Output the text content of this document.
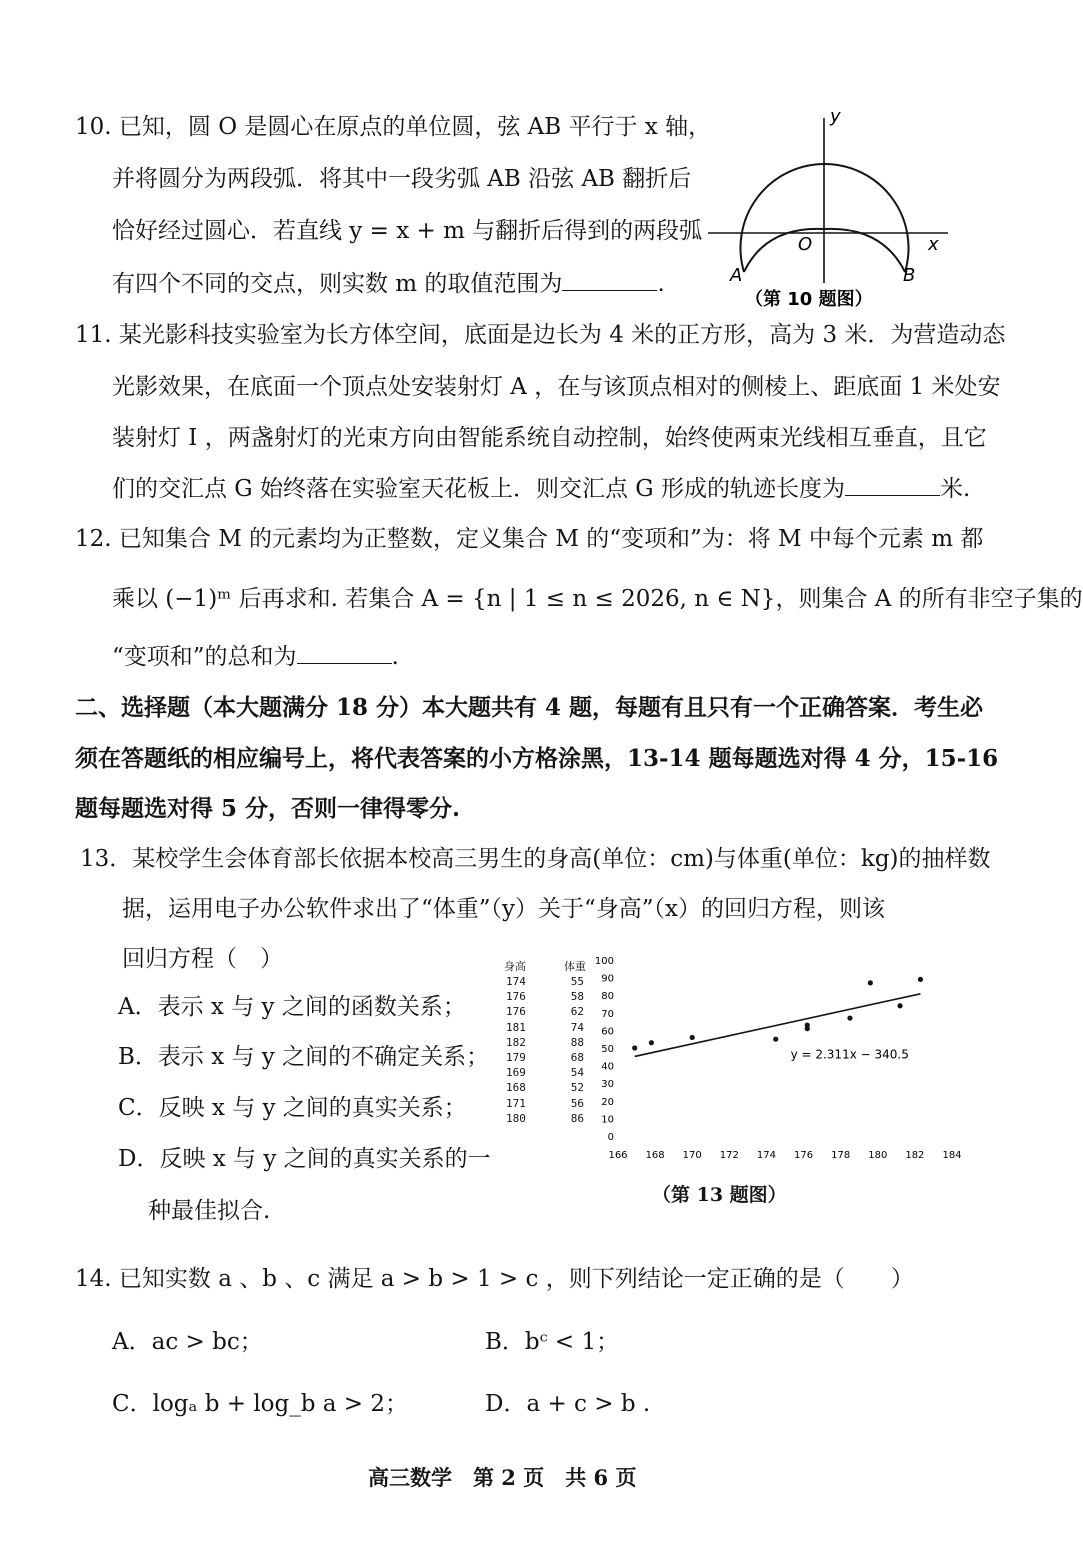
10. 已知，圆 O 是圆心在原点的单位圆，弦 AB 平行于 x 轴，
并将圆分为两段弧．将其中一段劣弧 AB 沿弦 AB 翻折后
恰好经过圆心．若直线 y = x + m 与翻折后得到的两段弧
有四个不同的交点，则实数 m 的取值范围为	.
y
x
O
A	B
（第 10 题图）
11. 某光影科技实验室为长方体空间，底面是边长为 4 米的正方形，高为 3 米．为营造动态
光影效果，在底面一个顶点处安装射灯 A ，在与该顶点相对的侧棱上、距底面 1 米处安
装射灯 I ，两盏射灯的光束方向由智能系统自动控制，始终使两束光线相互垂直，且它
们的交汇点 G 始终落在实验室天花板上．则交汇点 G 形成的轨迹长度为	米.
12. 已知集合 M 的元素均为正整数，定义集合 M 的“变项和”为：将 M 中每个元素 m 都
乘以 (−1)ᵐ 后再求和. 若集合 A = {n | 1 ≤ n ≤ 2026, n ∈ N}，则集合 A 的所有非空子集的
“变项和”的总和为	.
二、选择题（本大题满分 18 分）本大题共有 4 题，每题有且只有一个正确答案．考生必
须在答题纸的相应编号上，将代表答案的小方格涂黑，13-14 题每题选对得 4 分，15-16
题每题选对得 5 分，否则一律得零分.
13．某校学生会体育部长依据本校高三男生的身高(单位：cm)与体重(单位：kg)的抽样数
据，运用电子办公软件求出了“体重”（y）关于“身高”（x）的回归方程，则该
回归方程（　）
A．表示 x 与 y 之间的函数关系；
B．表示 x 与 y 之间的不确定关系；
C．反映 x 与 y 之间的真实关系；
D．反映 x 与 y 之间的真实关系的一
种最佳拟合.
身高	体重
174	55
176	58
176	62
181	74
182	88
179	68
169	54
168	52
171	56
180	86
100
90
80
70
60
50
40
30
20
10
0
166 168 170 172 174 176 178 180 182 184
y = 2.311x − 340.5
（第 13 题图）
14. 已知实数 a 、b 、c 满足 a > b > 1 > c ，则下列结论一定正确的是（　　）
A．ac > bc；	B．bᶜ < 1；
C．logₐ b + log_b a > 2；	D．a + c > b .
高三数学　第 2 页　共 6 页
